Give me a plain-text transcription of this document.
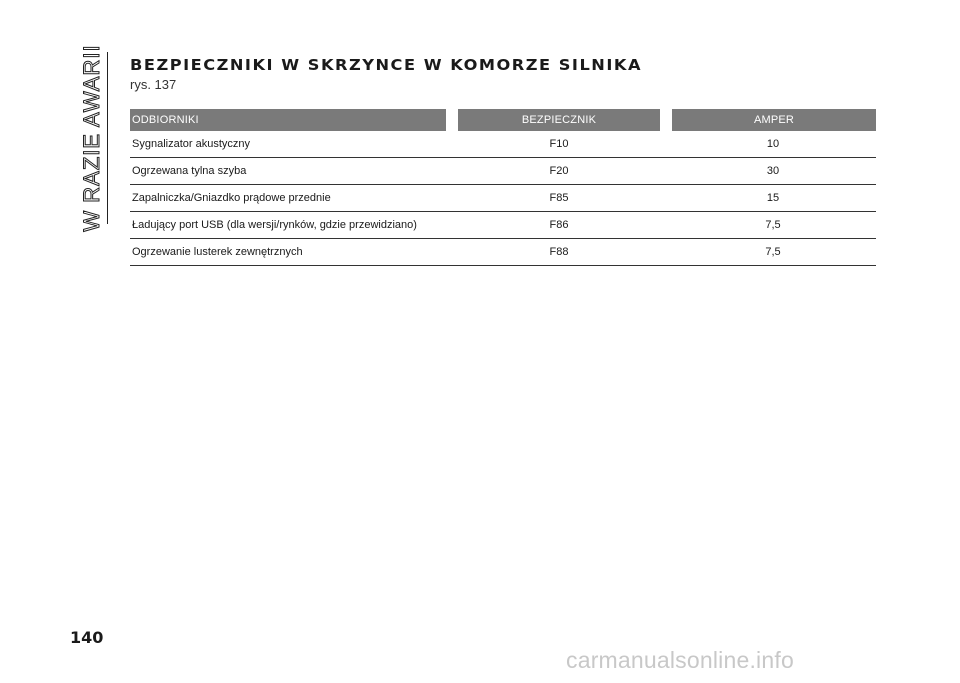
W RAZIE AWARII BEZPIECZNIKI W SKRZYNCE W KOMORZE SILNIKA
rys. 137
ODBIORNIKI	BEZPIECZNIK	AMPER
Sygnalizator akustyczny	F10	10
Ogrzewana tylna szyba	F20	30
Zapalniczka/Gniazdko prądowe przednie	F85	15
Ładujący port USB (dla wersji/rynków, gdzie przewidziano)	F86	7,5
Ogrzewanie lusterek zewnętrznych	F88	7,5
140
carmanualsonline.info
